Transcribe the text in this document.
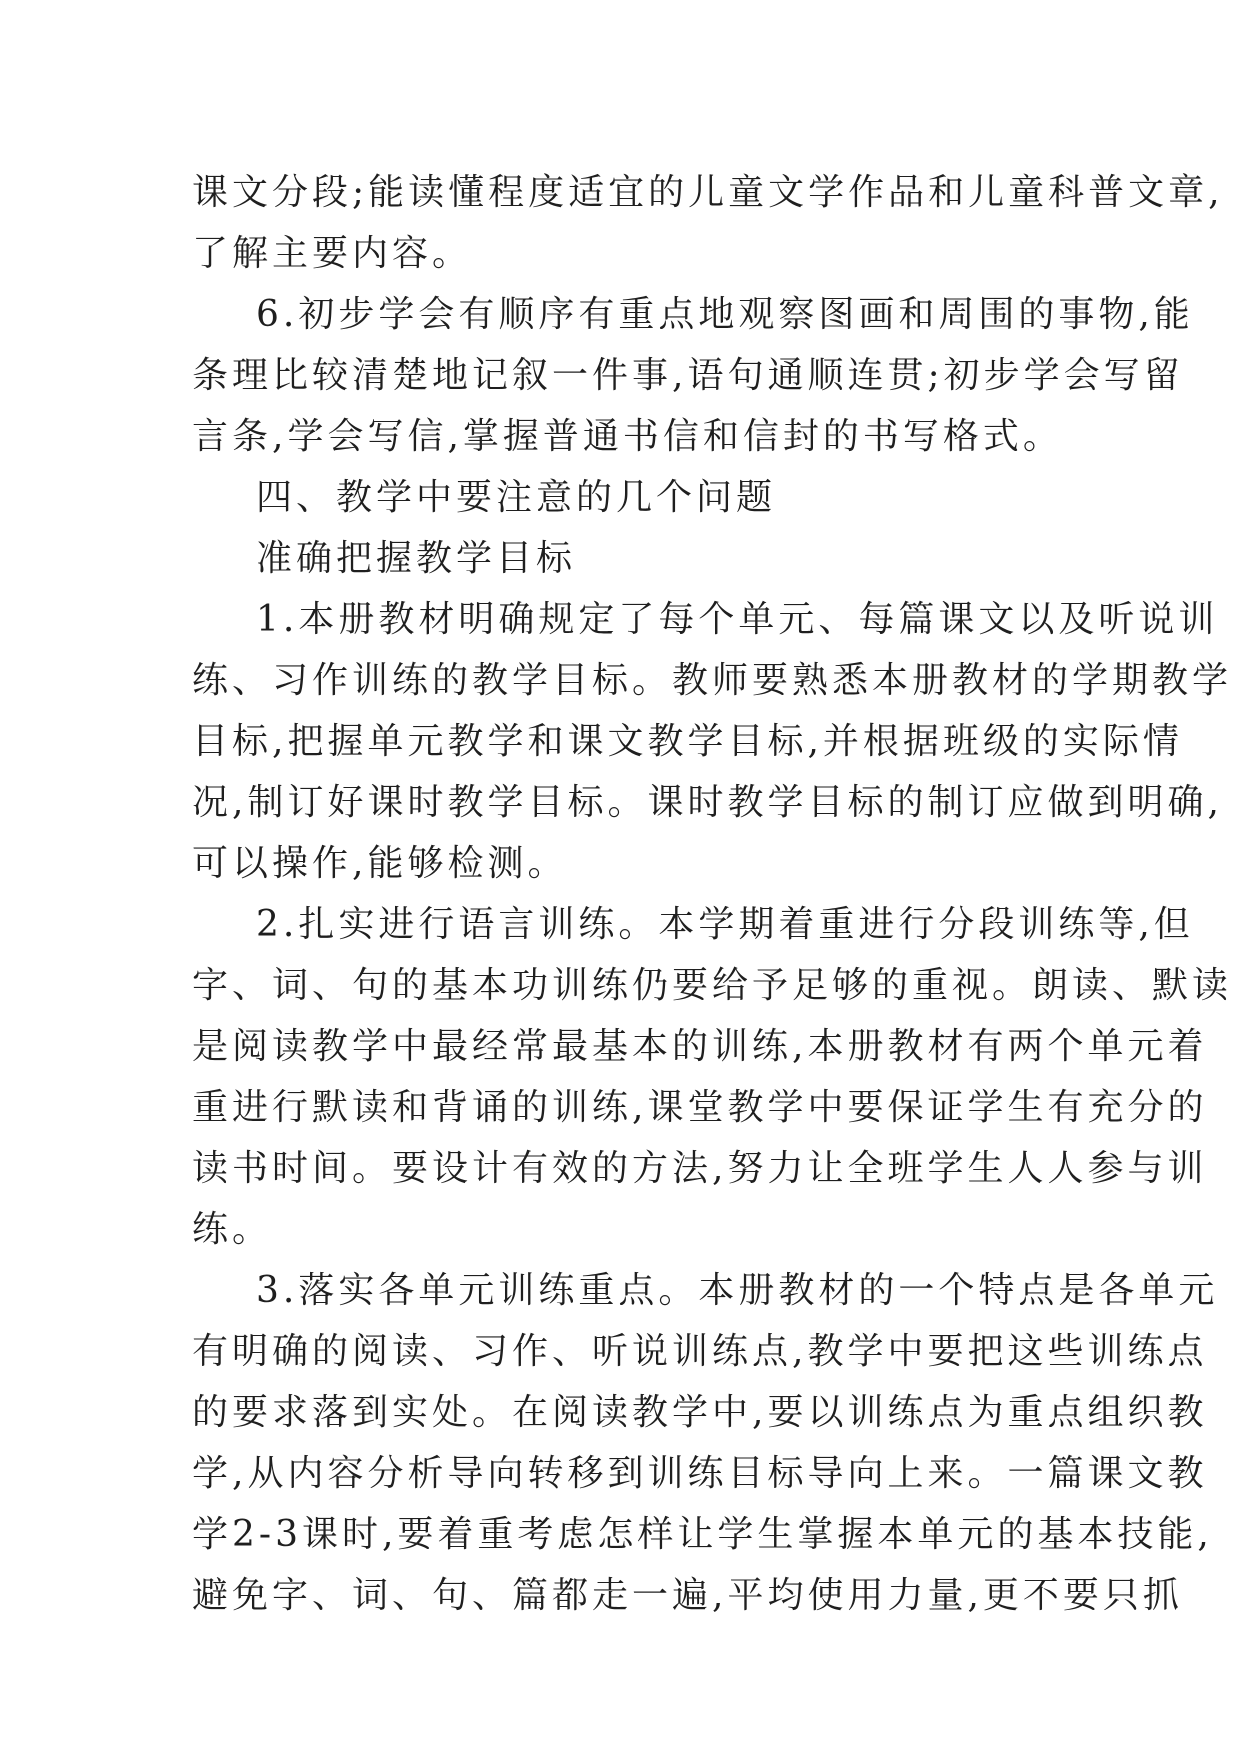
课文分段;能读懂程度适宜的儿童文学作品和儿童科普文章,
了解主要内容。
6.初步学会有顺序有重点地观察图画和周围的事物,能
条理比较清楚地记叙一件事,语句通顺连贯;初步学会写留
言条,学会写信,掌握普通书信和信封的书写格式。
四、教学中要注意的几个问题
准确把握教学目标
1.本册教材明确规定了每个单元、每篇课文以及听说训
练、习作训练的教学目标。教师要熟悉本册教材的学期教学
目标,把握单元教学和课文教学目标,并根据班级的实际情
况,制订好课时教学目标。课时教学目标的制订应做到明确,
可以操作,能够检测。
2.扎实进行语言训练。本学期着重进行分段训练等,但
字、词、句的基本功训练仍要给予足够的重视。朗读、默读
是阅读教学中最经常最基本的训练,本册教材有两个单元着
重进行默读和背诵的训练,课堂教学中要保证学生有充分的
读书时间。要设计有效的方法,努力让全班学生人人参与训
练。
3.落实各单元训练重点。本册教材的一个特点是各单元
有明确的阅读、习作、听说训练点,教学中要把这些训练点
的要求落到实处。在阅读教学中,要以训练点为重点组织教
学,从内容分析导向转移到训练目标导向上来。一篇课文教
学2-3课时,要着重考虑怎样让学生掌握本单元的基本技能,
避免字、词、句、篇都走一遍,平均使用力量,更不要只抓
